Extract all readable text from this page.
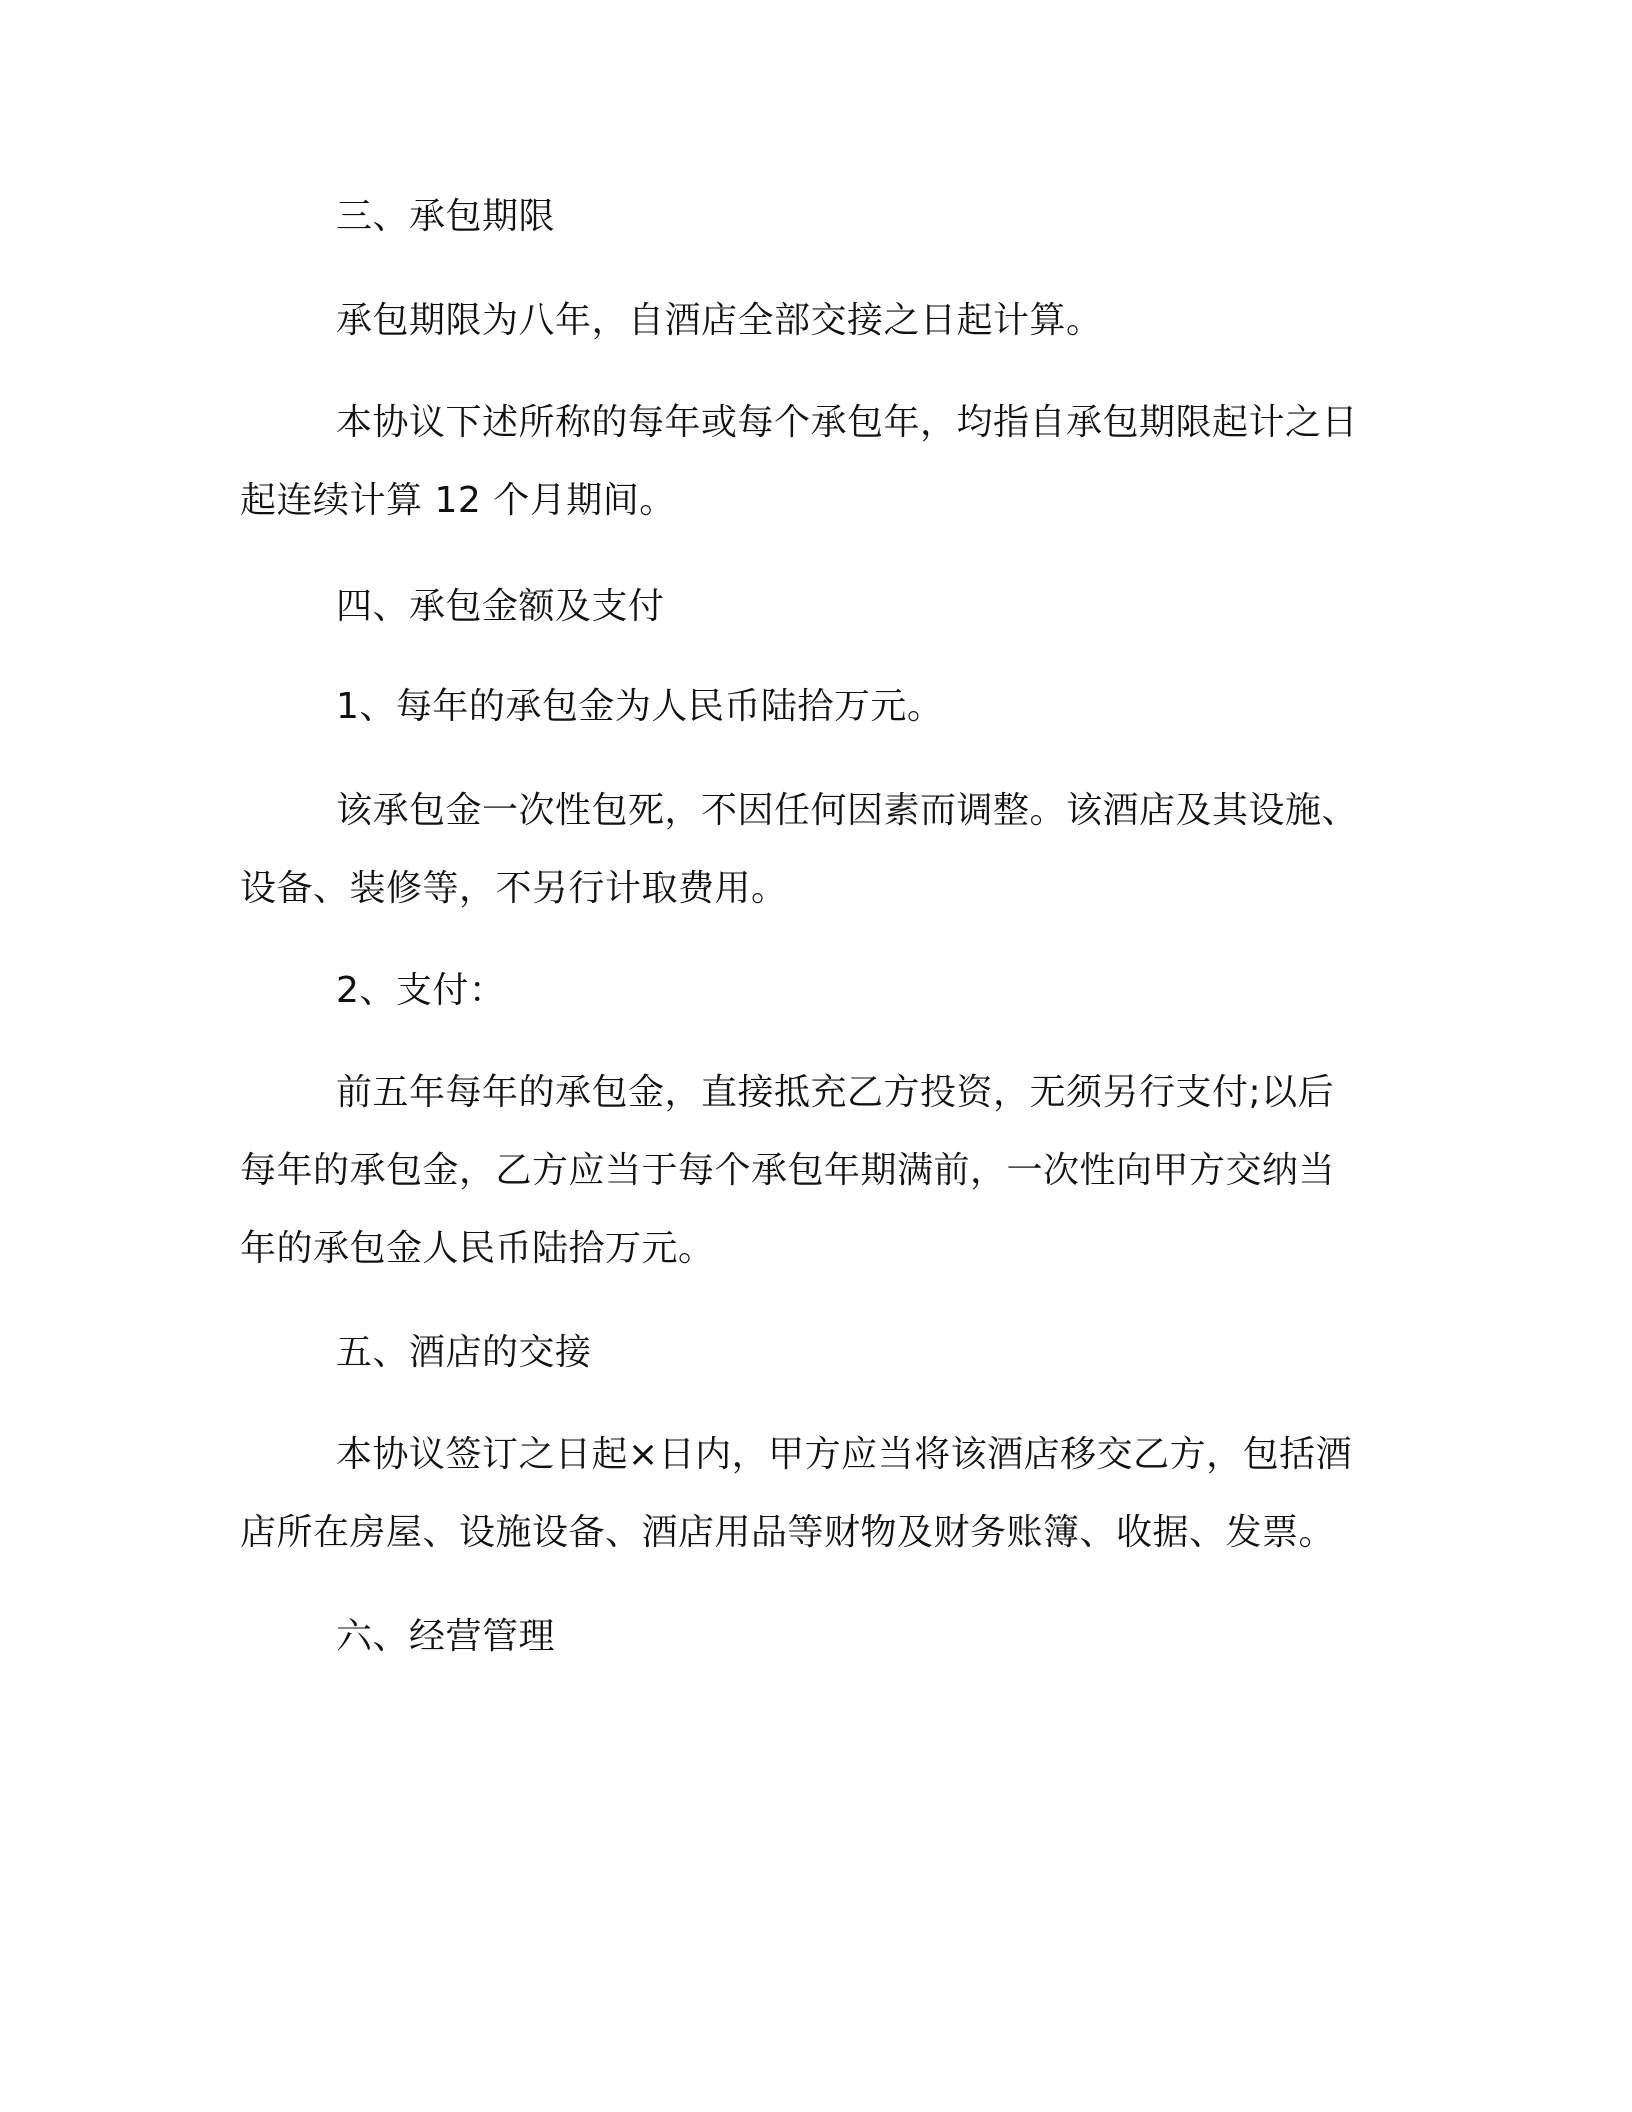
三、承包期限
承包期限为八年，自酒店全部交接之日起计算。
本协议下述所称的每年或每个承包年，均指自承包期限起计之日
起连续计算 12 个月期间。
四、承包金额及支付
1、每年的承包金为人民币陆拾万元。
该承包金一次性包死，不因任何因素而调整。该酒店及其设施、
设备、装修等，不另行计取费用。
2、支付：
前五年每年的承包金，直接抵充乙方投资，无须另行支付;以后
每年的承包金，乙方应当于每个承包年期满前，一次性向甲方交纳当
年的承包金人民币陆拾万元。
五、酒店的交接
本协议签订之日起×日内，甲方应当将该酒店移交乙方，包括酒
店所在房屋、设施设备、酒店用品等财物及财务账簿、收据、发票。
六、经营管理
